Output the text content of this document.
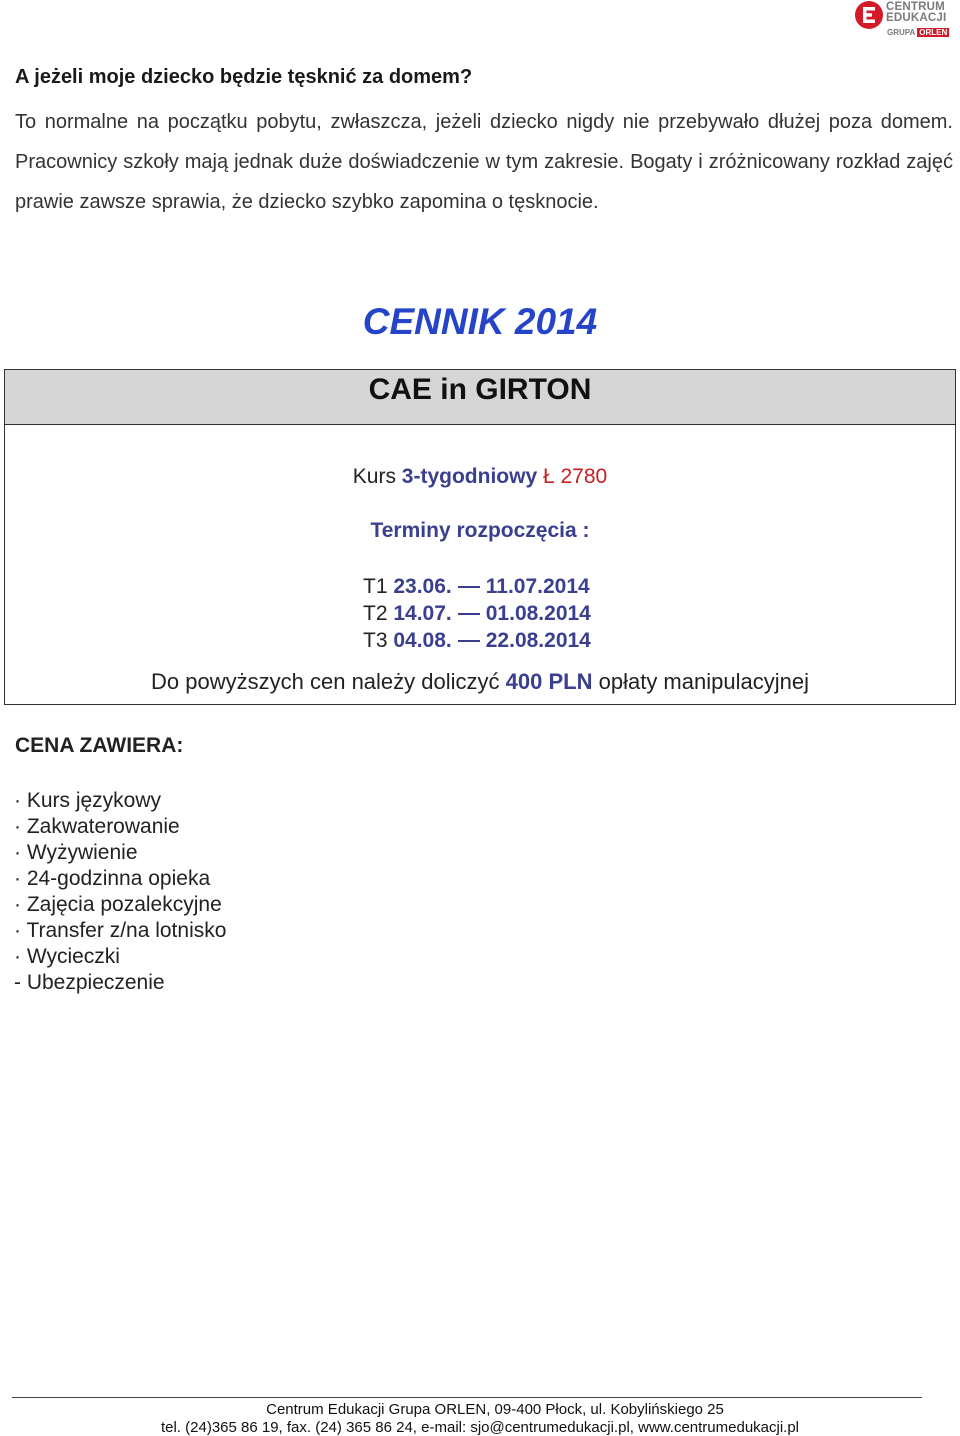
CENTRUM
EDUKACJI
GRUPA ORLEN
A jeżeli moje dziecko będzie tęsknić za domem?

To normalne na początku pobytu, zwłaszcza, jeżeli dziecko nigdy nie przebywało dłużej poza domem. Pracownicy szkoły mają jednak duże doświadczenie w tym zakresie. Bogaty i zróżnicowany rozkład zajęć prawie zawsze sprawia, że dziecko szybko zapomina o tęsknocie.

CENNIK 2014
CAE in GIRTON
Kurs 3-tygodniowy Ł 2780
Terminy rozpoczęcia :
T1 23.06. 11.07.2014
T2 14.07. 01.08.2014
T3 04.08. 22.08.2014
Do powyższych cen należy doliczyć 400 PLN opłaty manipulacyjnej
CENA ZAWIERA:
· Kurs językowy
· Zakwaterowanie
· Wyżywienie
· 24-godzinna opieka
· Zajęcia pozalekcyjne
· Transfer z/na lotnisko
· Wycieczki
- Ubezpieczenie
Centrum Edukacji Grupa ORLEN, 09-400 Płock, ul. Kobylińskiego 25
tel. (24)365 86 19, fax. (24) 365 86 24, e-mail: sjo@centrumedukacji.pl, www.centrumedukacji.pl
